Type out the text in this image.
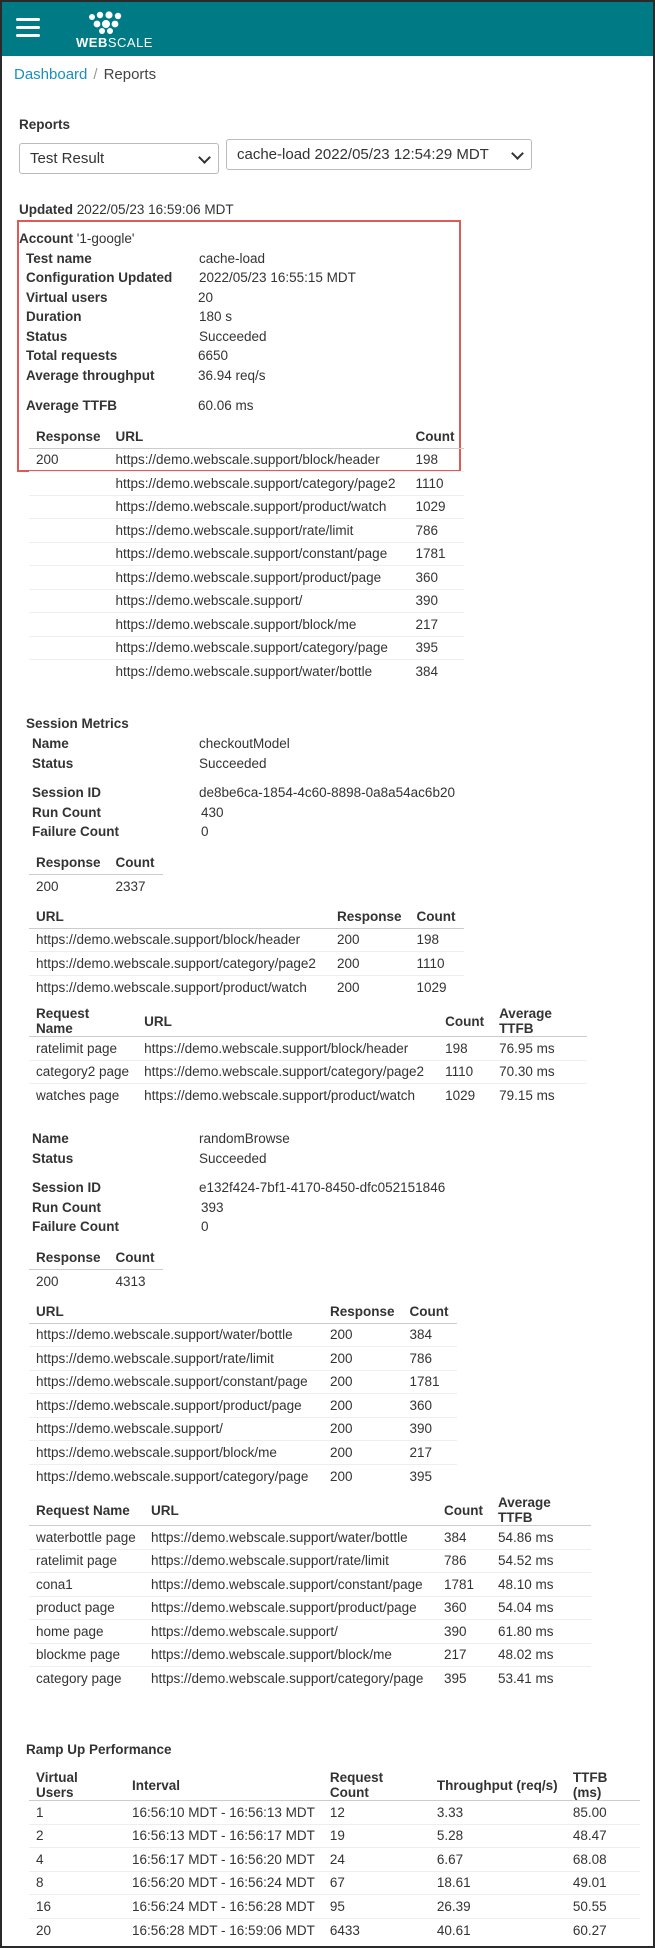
WEBSCALE
Dashboard / Reports
Reports
Test Result	cache-load 2022/05/23 12:54:29 MDT
Updated 2022/05/23 16:59:06 MDT
Account '1-google'
Test name	cache-load
Configuration Updated 2022/05/23 16:55:15 MDT
Virtual users	20
Duration	180 s
Status	Succeeded
Total requests	6650
Average throughput	36.94 req/s
Average TTFB	60.06 ms
Response	URL	Count
200	https://demo.webscale.support/block/header	198
	https://demo.webscale.support/category/page2	1110
	https://demo.webscale.support/product/watch	1029
	https://demo.webscale.support/rate/limit	786
	https://demo.webscale.support/constant/page	1781
	https://demo.webscale.support/product/page	360
	https://demo.webscale.support/	390
	https://demo.webscale.support/block/me	217
	https://demo.webscale.support/category/page	395
	https://demo.webscale.support/water/bottle	384
Session Metrics
Name	checkoutModel
Status	Succeeded
Session ID	de8be6ca-1854-4c60-8898-0a8a54ac6b20
Run Count	430
Failure Count	0
Response	Count
200	2337
URL	Response	Count
https://demo.webscale.support/block/header	200	198
https://demo.webscale.support/category/page2	200	1110
https://demo.webscale.support/product/watch	200	1029
Request Name	URL	Count	Average TTFB
ratelimit page	https://demo.webscale.support/block/header	198	76.95 ms
category2 page	https://demo.webscale.support/category/page2	1110	70.30 ms
watches page	https://demo.webscale.support/product/watch	1029	79.15 ms
Name	randomBrowse
Status	Succeeded
Session ID	e132f424-7bf1-4170-8450-dfc052151846
Run Count	393
Failure Count	0
Response	Count
200	4313
URL	Response	Count
https://demo.webscale.support/water/bottle	200	384
https://demo.webscale.support/rate/limit	200	786
https://demo.webscale.support/constant/page	200	1781
https://demo.webscale.support/product/page	200	360
https://demo.webscale.support/	200	390
https://demo.webscale.support/block/me	200	217
https://demo.webscale.support/category/page	200	395
Request Name	URL	Count	Average TTFB
waterbottle page	https://demo.webscale.support/water/bottle	384	54.86 ms
ratelimit page	https://demo.webscale.support/rate/limit	786	54.52 ms
cona1	https://demo.webscale.support/constant/page	1781	48.10 ms
product page	https://demo.webscale.support/product/page	360	54.04 ms
home page	https://demo.webscale.support/	390	61.80 ms
blockme page	https://demo.webscale.support/block/me	217	48.02 ms
category page	https://demo.webscale.support/category/page	395	53.41 ms
Ramp Up Performance
Virtual Users	Interval	Request Count	Throughput (req/s)	TTFB (ms)
1	16:56:10 MDT - 16:56:13 MDT	12	3.33	85.00
2	16:56:13 MDT - 16:56:17 MDT	19	5.28	48.47
4	16:56:17 MDT - 16:56:20 MDT	24	6.67	68.08
8	16:56:20 MDT - 16:56:24 MDT	67	18.61	49.01
16	16:56:24 MDT - 16:56:28 MDT	95	26.39	50.55
20	16:56:28 MDT - 16:59:06 MDT	6433	40.61	60.27
